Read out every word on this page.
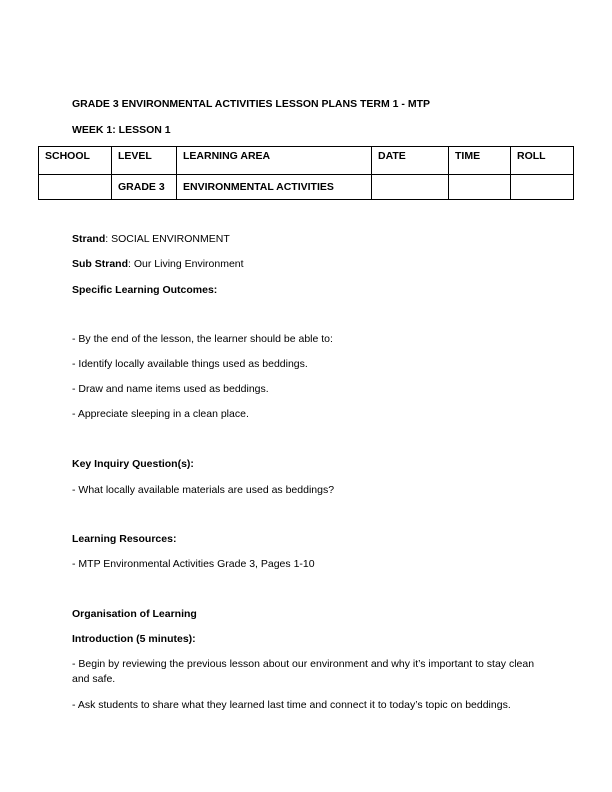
GRADE 3 ENVIRONMENTAL ACTIVITIES LESSON PLANS TERM 1 - MTP

WEEK 1: LESSON 1

SCHOOL	LEVEL	LEARNING AREA	DATE	TIME	ROLL
	GRADE 3	ENVIRONMENTAL ACTIVITIES			

Strand: SOCIAL ENVIRONMENT

Sub Strand: Our Living Environment

Specific Learning Outcomes:

- By the end of the lesson, the learner should be able to:

- Identify locally available things used as beddings.

- Draw and name items used as beddings.

- Appreciate sleeping in a clean place.

Key Inquiry Question(s):

- What locally available materials are used as beddings?

Learning Resources:

- MTP Environmental Activities Grade 3, Pages 1-10

Organisation of Learning

Introduction (5 minutes):

- Begin by reviewing the previous lesson about our environment and why it’s important to stay clean and safe.

- Ask students to share what they learned last time and connect it to today’s topic on beddings.
